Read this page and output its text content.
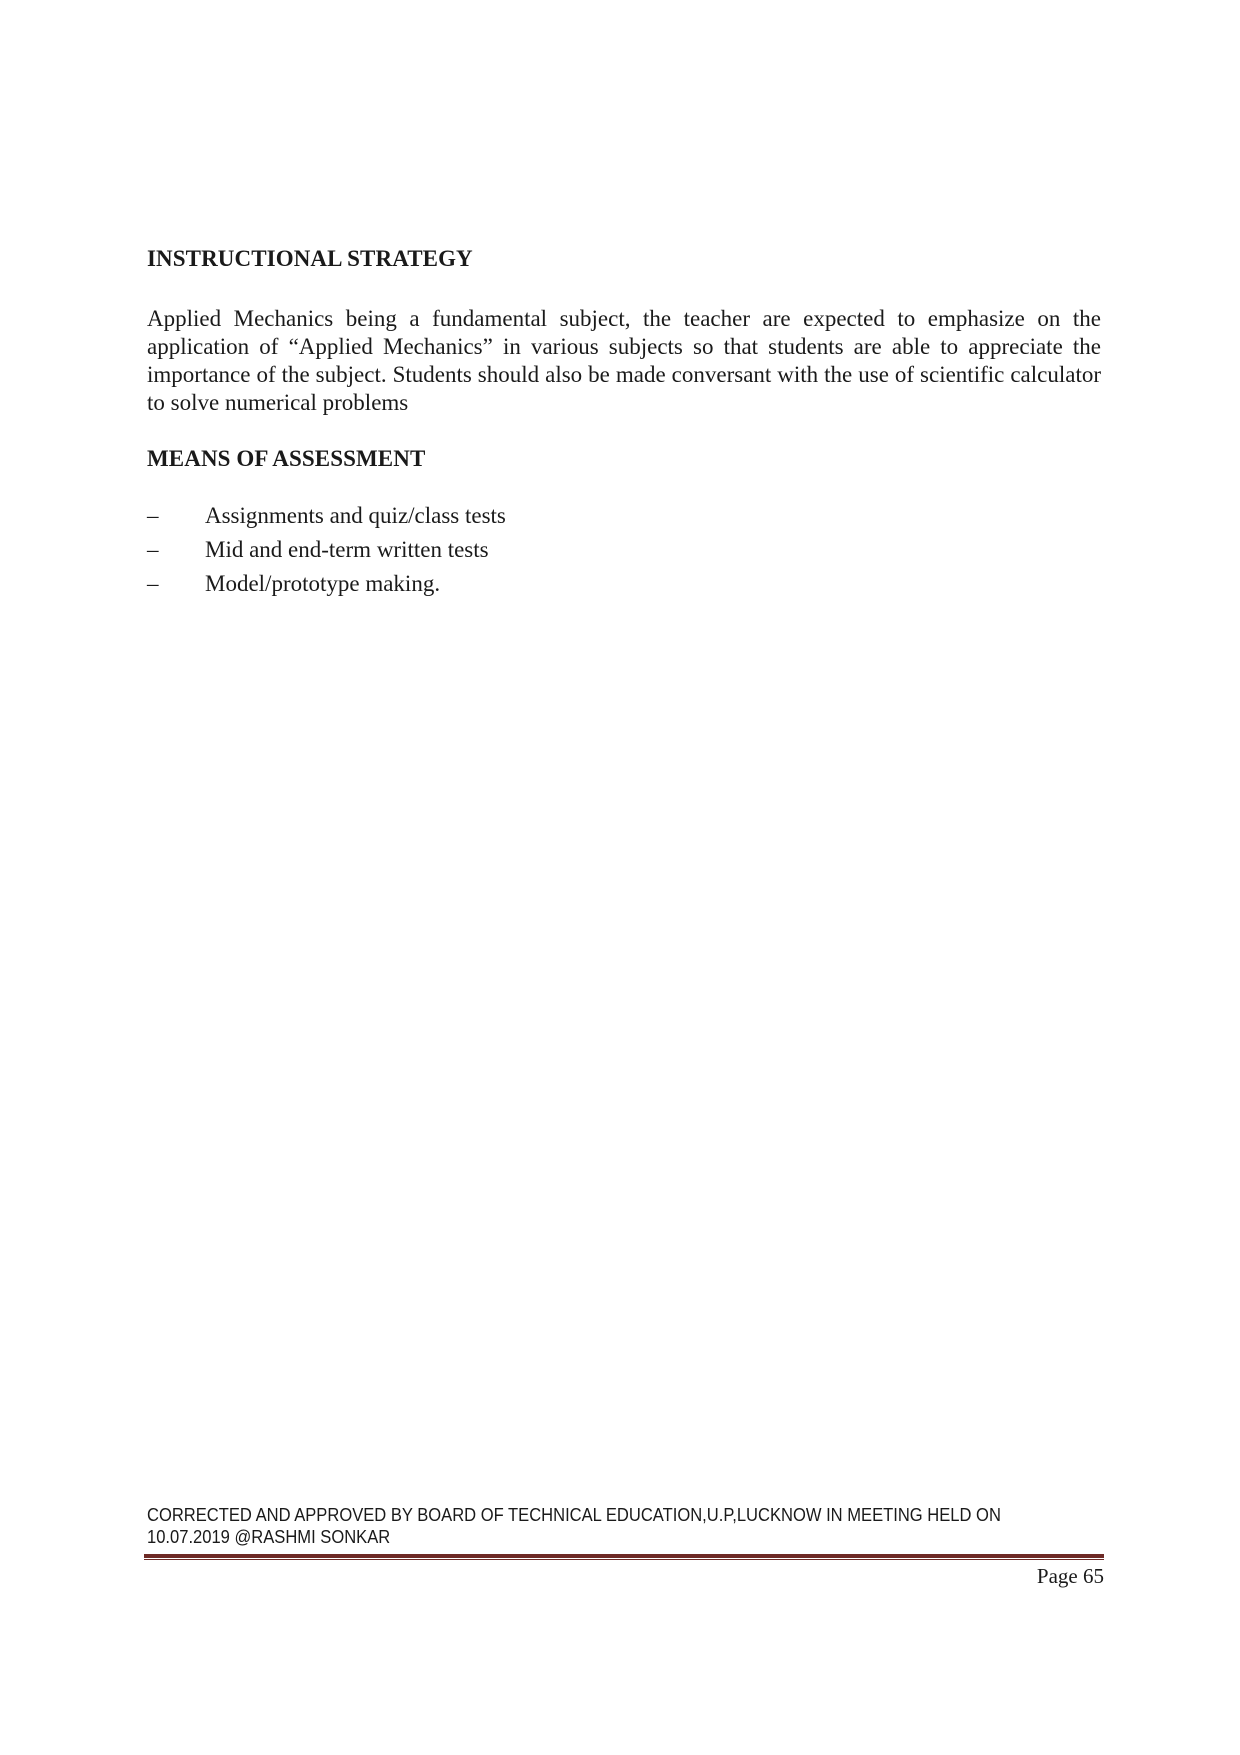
INSTRUCTIONAL STRATEGY

Applied Mechanics being a fundamental subject, the teacher are expected to emphasize on the application of “Applied Mechanics” in various subjects so that students are able to appreciate the importance of the subject. Students should also be made conversant with the use of scientific calculator to solve numerical problems

MEANS OF ASSESSMENT
–	Assignments and quiz/class tests
–	Mid and end-term written tests
–	Model/prototype making.
CORRECTED AND APPROVED BY BOARD OF TECHNICAL EDUCATION,U.P,LUCKNOW IN MEETING HELD ON
10.07.2019 @RASHMI SONKAR
Page 65
